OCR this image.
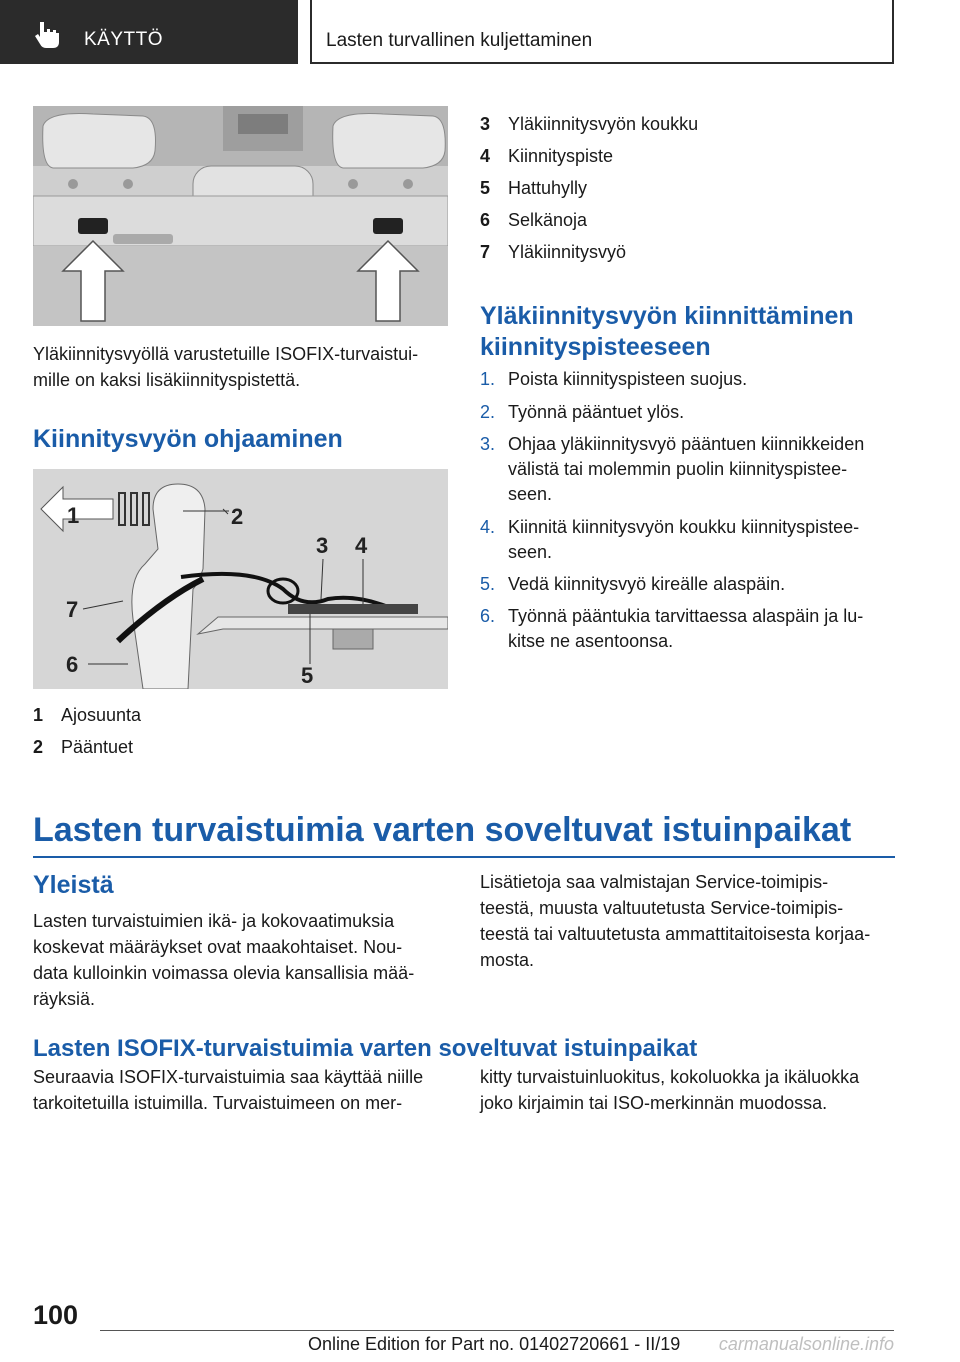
KÄYTTÖ	Lasten turvallinen kuljettaminen

Yläkiinnitysvyöllä varustetuille ISOFIX-turvaistui-
mille on kaksi lisäkiinnityspistettä.

Kiinnitysvyön ohjaaminen
1	2
3 4
5
6
7
1 Ajosuunta
2 Pääntuet
3 Yläkiinnitysvyön koukku
4 Kiinnityspiste
5 Hattuhylly
6 Selkänoja
7 Yläkiinnitysvyö
Yläkiinnitysvyön kiinnittäminen
kiinnityspisteeseen
1. Poista kiinnityspisteen suojus.
2. Työnnä pääntuet ylös.
3. Ohjaa yläkiinnitysvyö pääntuen kiinnikkeiden
välistä tai molemmin puolin kiinnityspistee-
seen.
4. Kiinnitä kiinnitysvyön koukku kiinnityspistee-
seen.
5. Vedä kiinnitysvyö kireälle alaspäin.
6. Työnnä pääntukia tarvittaessa alaspäin ja lu-
kitse ne asentoonsa.
Lasten turvaistuimia varten soveltuvat istuinpaikat
Yleistä

Lasten turvaistuimien ikä- ja kokovaatimuksia
koskevat määräykset ovat maakohtaiset. Nou-
data kulloinkin voimassa olevia kansallisia mää-
räyksiä.

Lisätietoja saa valmistajan Service-toimipis-
teestä, muusta valtuutetusta Service-toimipis-
teestä tai valtuutetusta ammattitaitoisesta korjaa-
mosta.

Lasten ISOFIX-turvaistuimia varten soveltuvat istuinpaikat

Seuraavia ISOFIX-turvaistuimia saa käyttää niille
tarkoitetuilla istuimilla. Turvaistuimeen on mer-

kitty turvaistuinluokitus, kokoluokka ja ikäluokka
joko kirjaimin tai ISO-merkinnän muodossa.

100
Online Edition for Part no. 01402720661 - II/19 carmanualsonline.info
